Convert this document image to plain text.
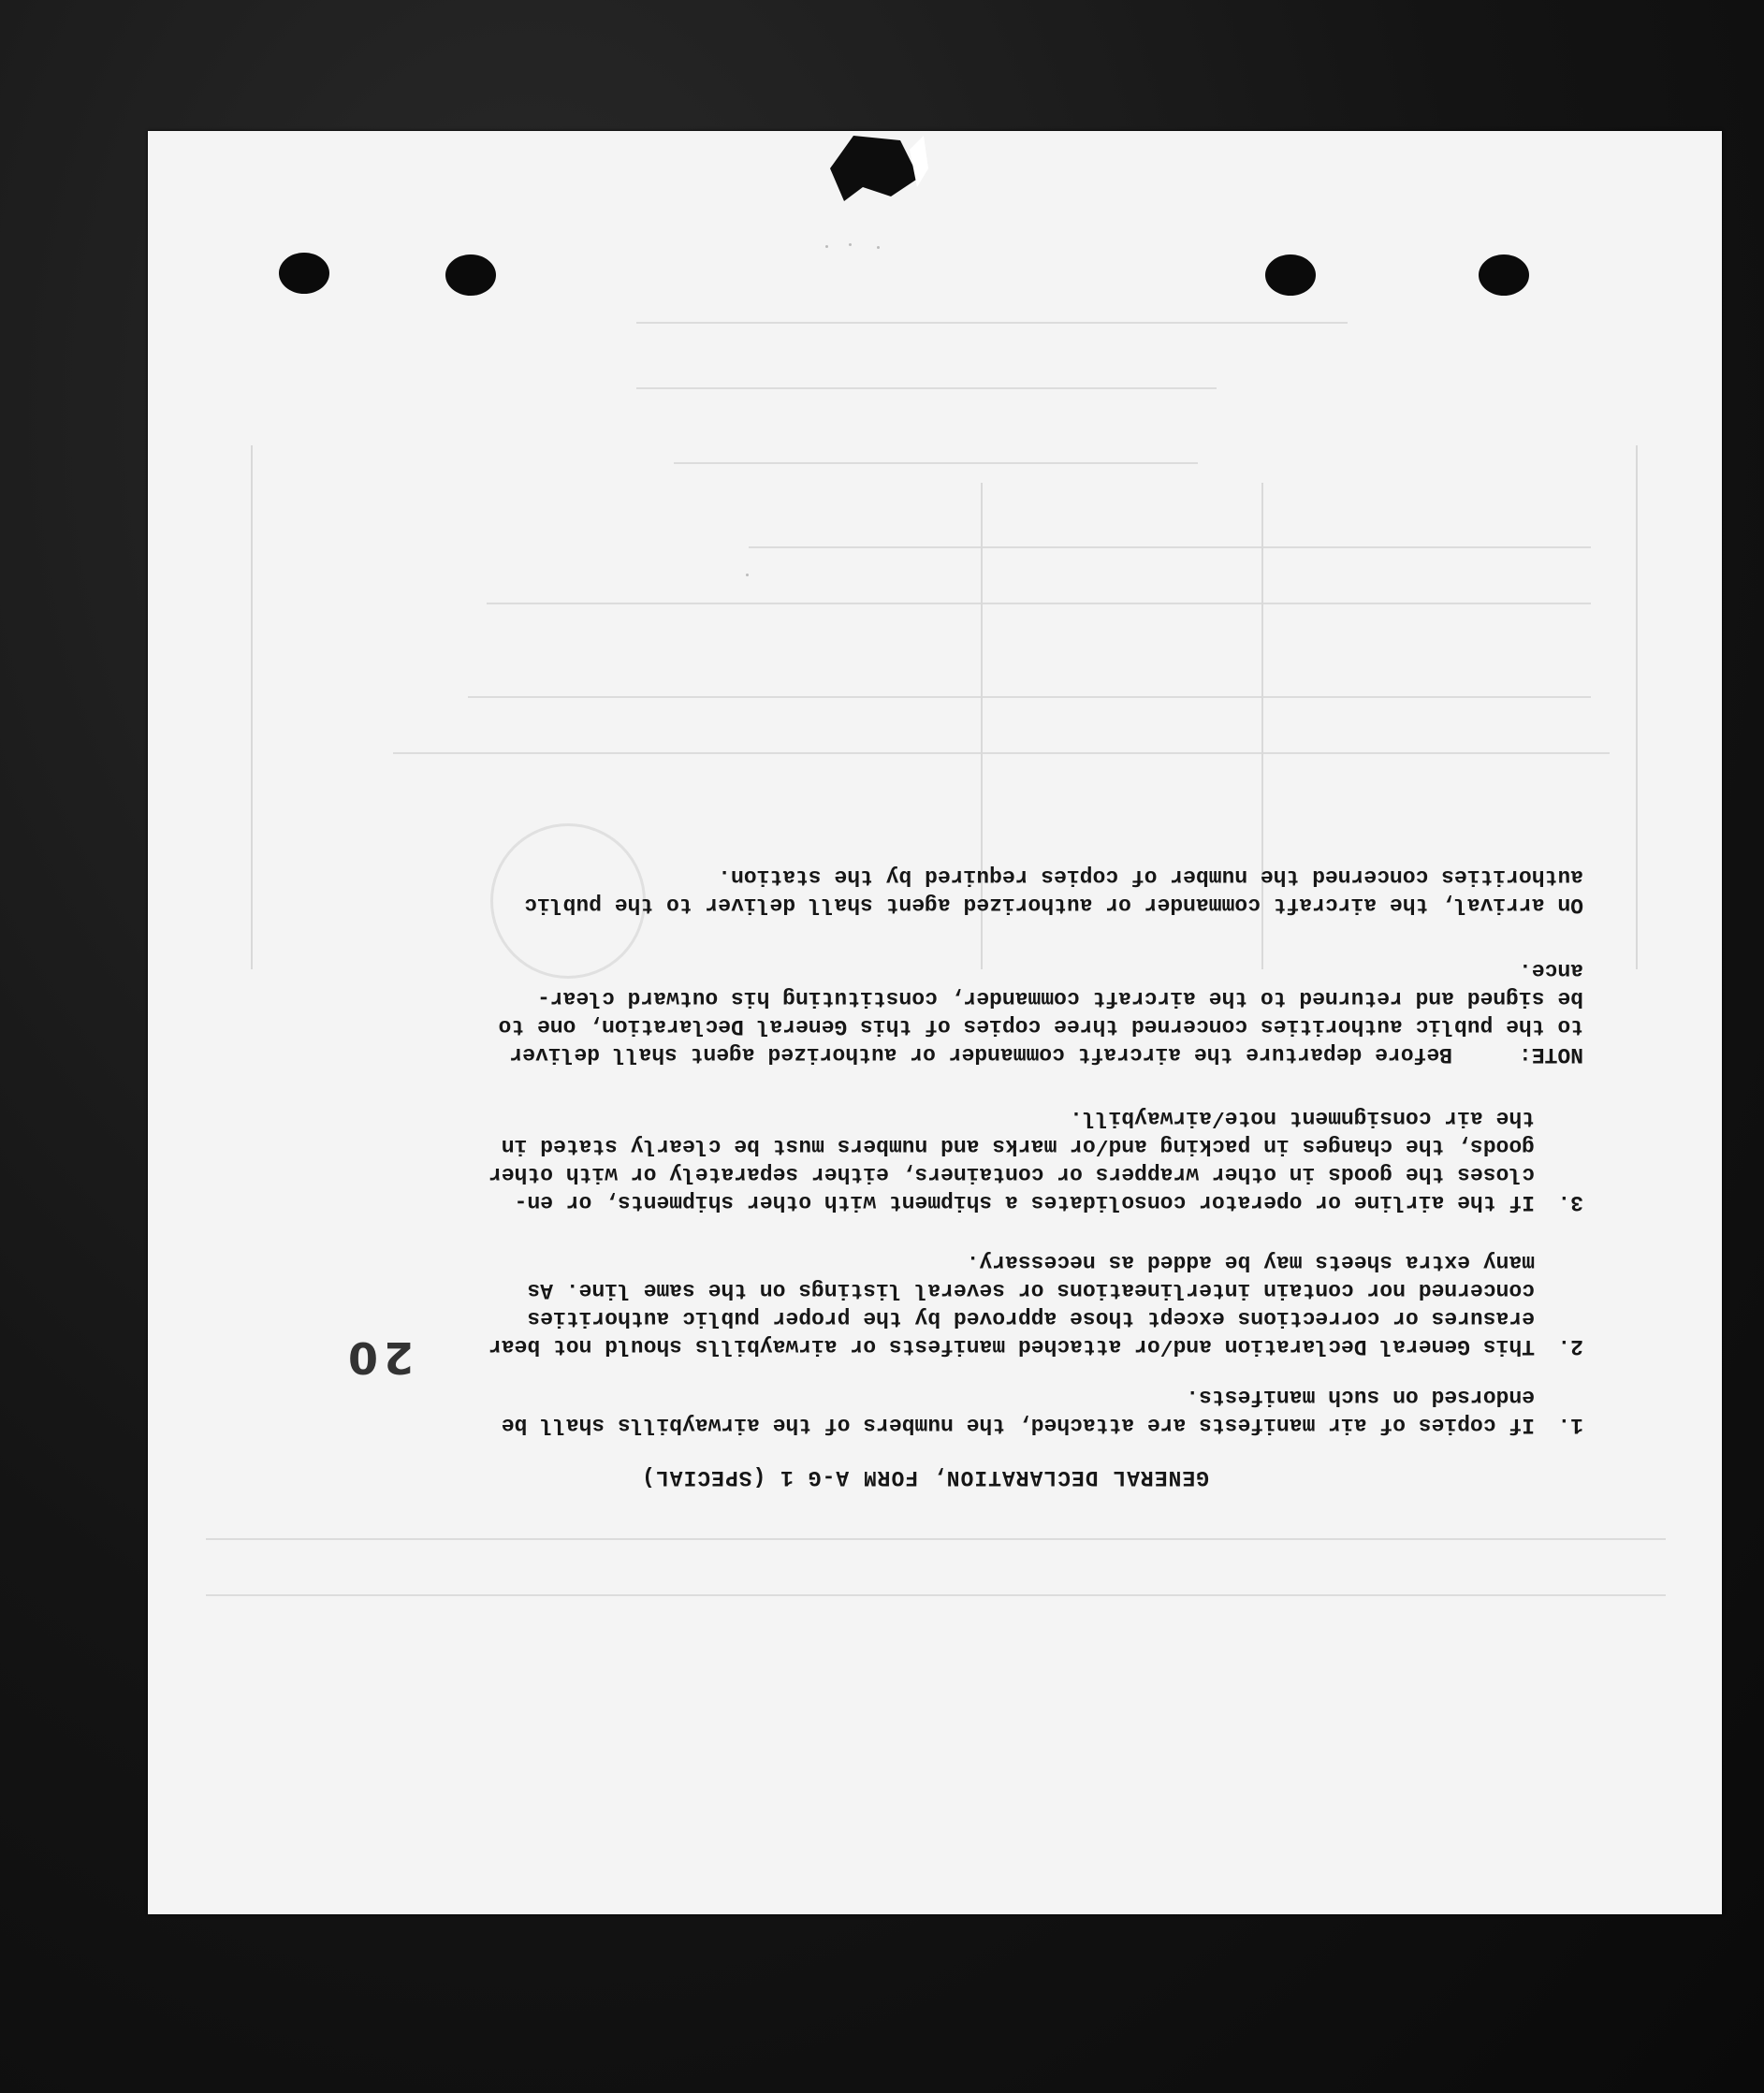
GENERAL DECLARATION, FORM A-G 1 (SPECIAL)
1.
If copies of air manifests are attached, the numbers of the airwaybills shall be
endorsed on such manifests.
2.
This General Declaration and/or attached manifests or airwaybills should not bear
erasures or corrections except those approved by the proper public authorities
concerned nor contain interlineations or several listings on the same line. As
many extra sheets may be added as necessary.
3.
If the airline or operator consolidates a shipment with other shipments, or en-
closes the goods in other wrappers or containers, either separately or with other
goods, the changes in packing and/or marks and numbers must be clearly stated in
the air consignment note/airwaybill.
NOTE:
Before departure the aircraft commander or authorized agent shall deliver
to the public authorities concerned three copies of this General Declaration, one to
be signed and returned to the aircraft commander, constituting his outward clear-
ance.
On arrival, the aircraft commander or authorized agent shall deliver to the public
authorities concerned the number of copies required by the station.
20
